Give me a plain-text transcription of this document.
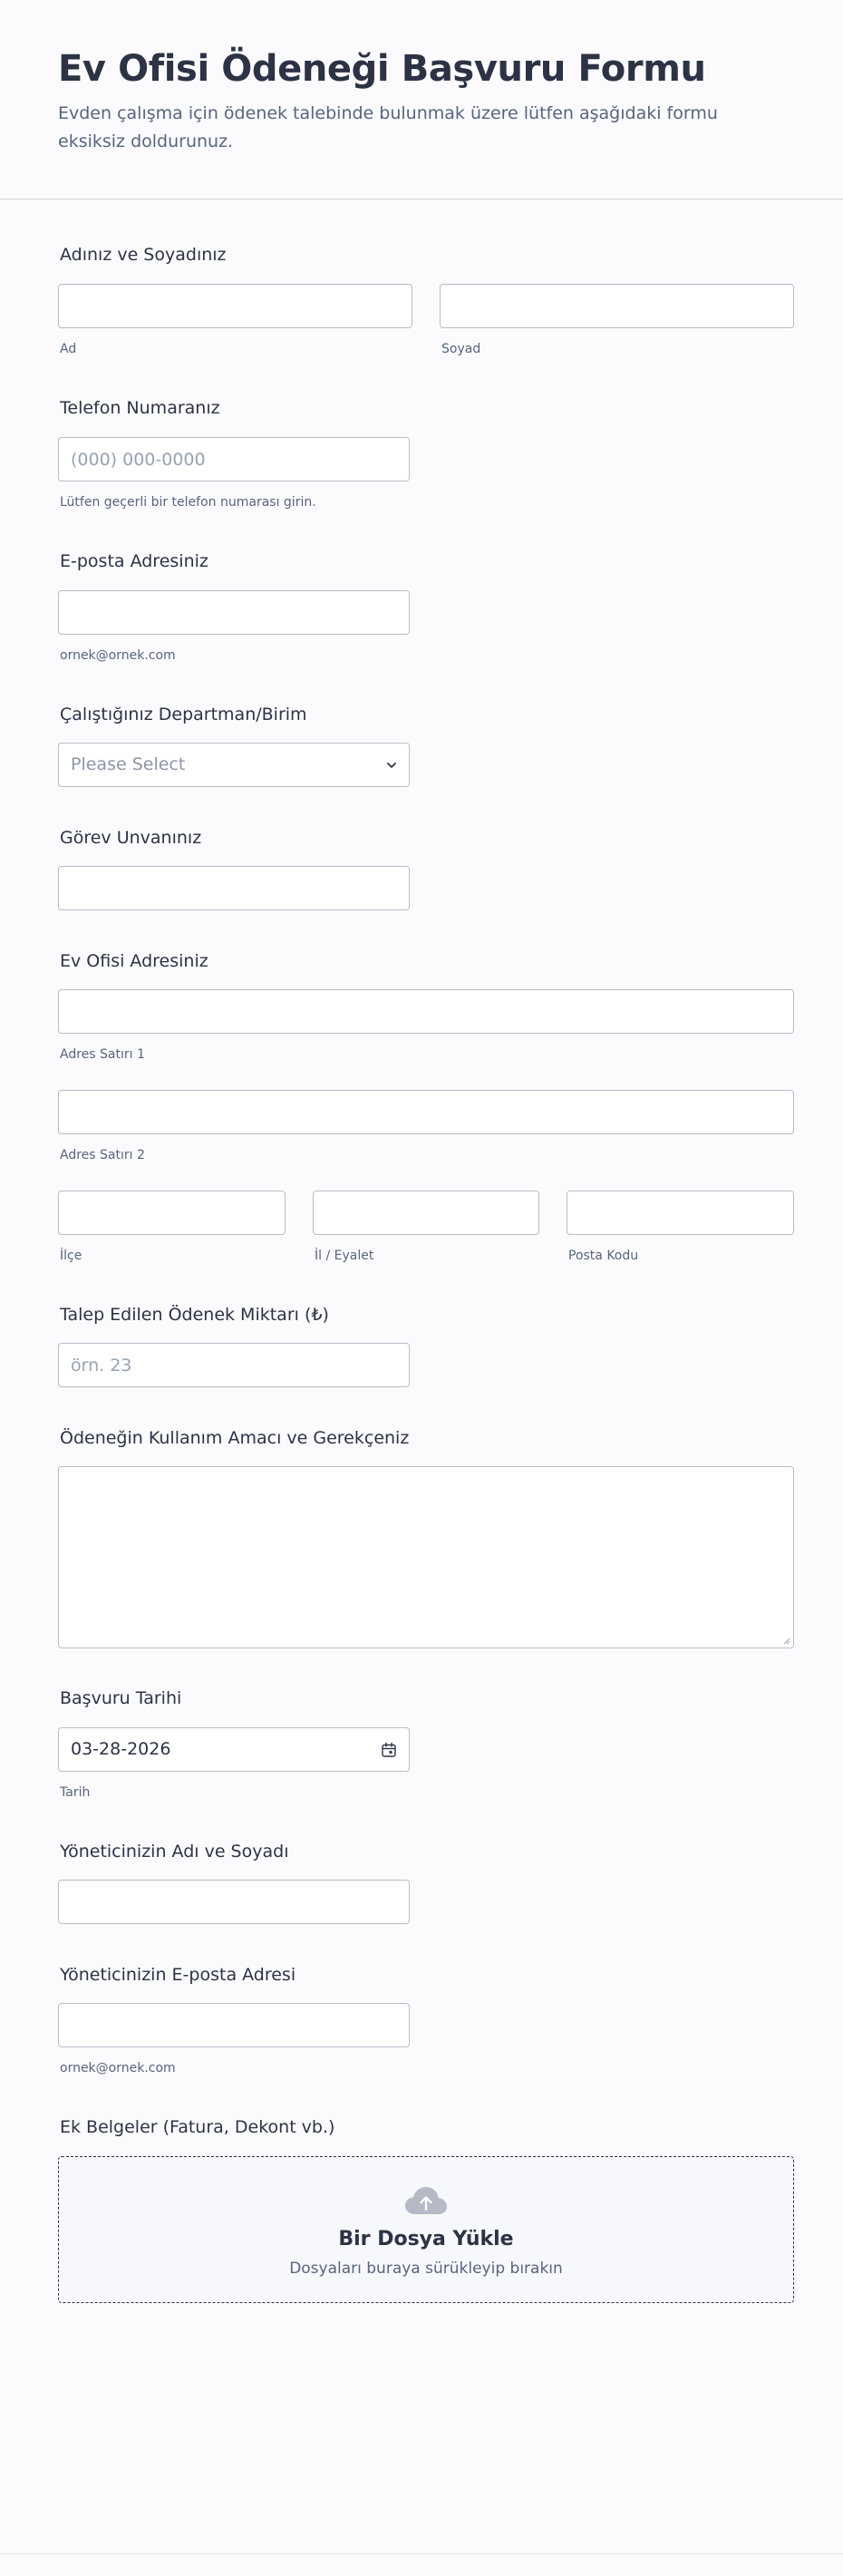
Ev Ofisi Ödeneği Başvuru Formu

Evden çalışma için ödenek talebinde bulunmak üzere lütfen aşağıdaki formu eksiksiz doldurunuz.

Adınız ve Soyadınız
Ad	Soyad
Telefon Numaranız
(000) 000-0000
Lütfen geçerli bir telefon numarası girin.
E-posta Adresiniz
ornek@ornek.com
Çalıştığınız Departman/Birim
Please Select
Görev Unvanınız
Ev Ofisi Adresiniz
Adres Satırı 1
Adres Satırı 2
İlçe	İl / Eyalet	Posta Kodu
Talep Edilen Ödenek Miktarı (₺)
örn. 23
Ödeneğin Kullanım Amacı ve Gerekçeniz
Başvuru Tarihi
03-28-2026
Tarih
Yöneticinizin Adı ve Soyadı
Yöneticinizin E-posta Adresi
ornek@ornek.com
Ek Belgeler (Fatura, Dekont vb.)
Bir Dosya Yükle
Dosyaları buraya sürükleyip bırakın
